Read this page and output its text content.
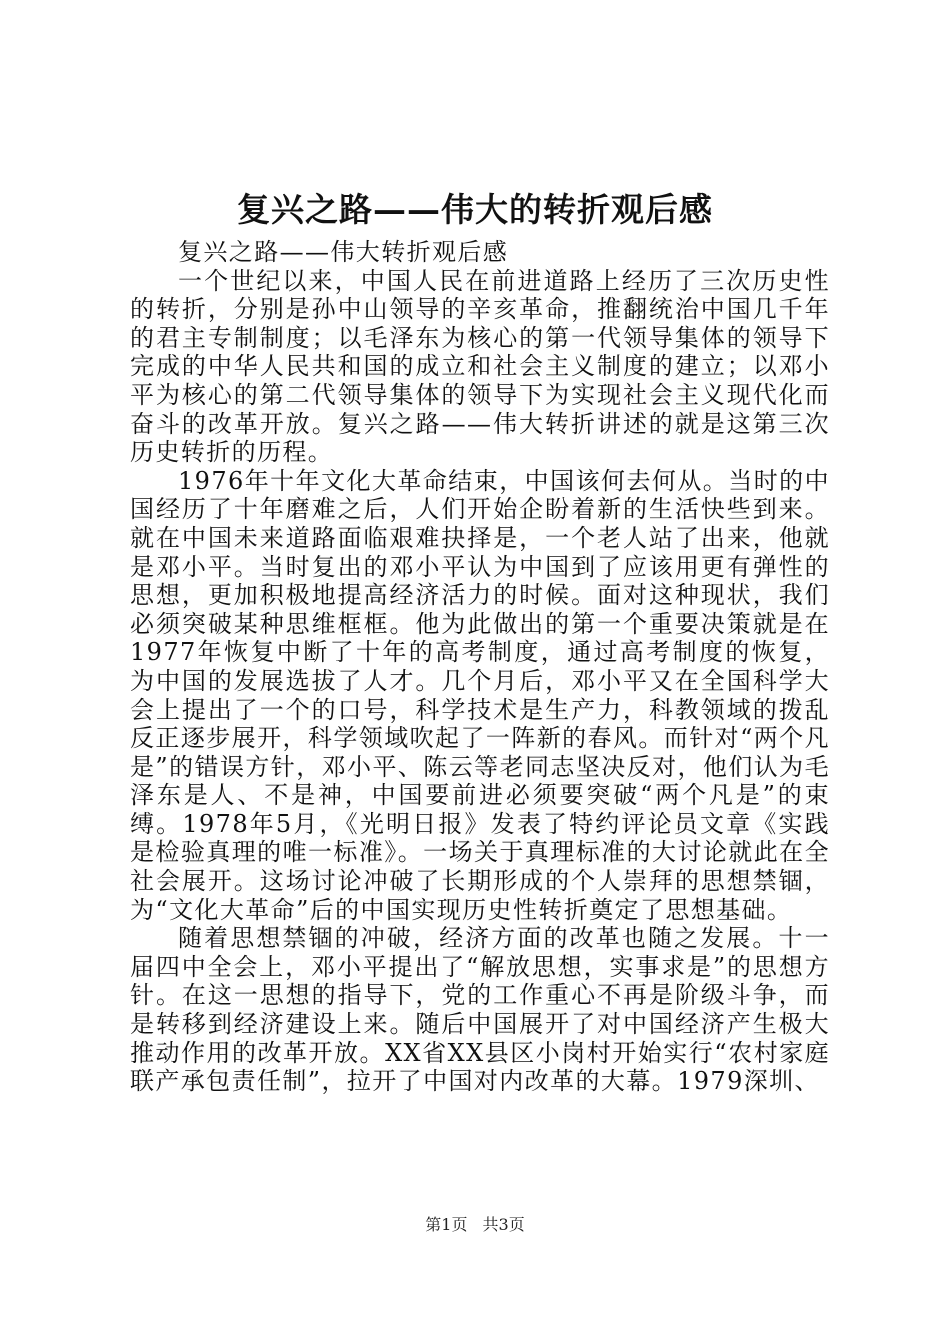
复兴之路——伟大的转折观后感

复兴之路——伟大转折观后感

一个世纪以来，中国人民在前进道路上经历了三次历史性的转折，分别是孙中山领导的辛亥革命，推翻统治中国几千年的君主专制制度；以毛泽东为核心的第一代领导集体的领导下完成的中华人民共和国的成立和社会主义制度的建立；以邓小平为核心的第二代领导集体的领导下为实现社会主义现代化而奋斗的改革开放。复兴之路——伟大转折讲述的就是这第三次历史转折的历程。

1976年十年文化大革命结束，中国该何去何从。当时的中国经历了十年磨难之后，人们开始企盼着新的生活快些到来。就在中国未来道路面临艰难抉择是，一个老人站了出来，他就是邓小平。当时复出的邓小平认为中国到了应该用更有弹性的思想，更加积极地提高经济活力的时候。面对这种现状，我们必须突破某种思维框框。他为此做出的第一个重要决策就是在1977年恢复中断了十年的高考制度，通过高考制度的恢复，为中国的发展选拔了人才。几个月后，邓小平又在全国科学大会上提出了一个的口号，科学技术是生产力，科教领域的拨乱反正逐步展开，科学领域吹起了一阵新的春风。而针对“两个凡是”的错误方针，邓小平、陈云等老同志坚决反对，他们认为毛泽东是人、不是神，中国要前进必须要突破“两个凡是”的束缚。1978年5月，《光明日报》发表了特约评论员文章《实践是检验真理的唯一标准》。一场关于真理标准的大讨论就此在全社会展开。这场讨论冲破了长期形成的个人崇拜的思想禁锢，为“文化大革命”后的中国实现历史性转折奠定了思想基础。

随着思想禁锢的冲破，经济方面的改革也随之发展。十一届四中全会上，邓小平提出了“解放思想，实事求是”的思想方针。在这一思想的指导下，党的工作重心不再是阶级斗争，而是转移到经济建设上来。随后中国展开了对中国经济产生极大推动作用的改革开放。XX省XX县区小岗村开始实行“农村家庭联产承包责任制”，拉开了中国对内改革的大幕。1979深圳、

第1页 共3页
